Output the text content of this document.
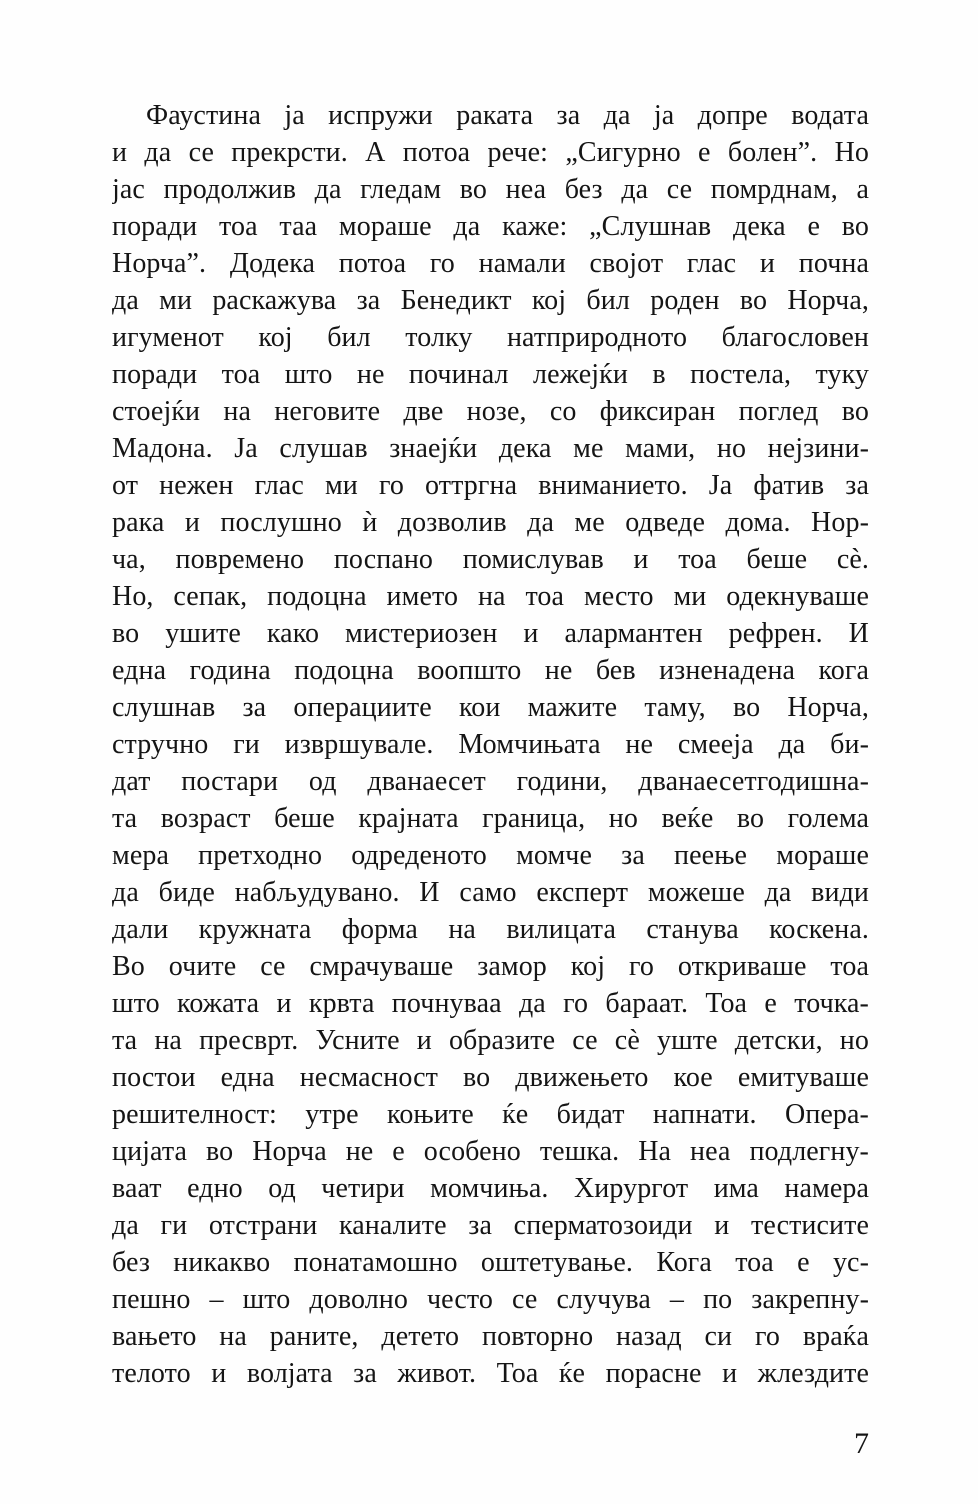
Фаустина ја испружи раката за да ја допре водата
и да се прекрсти. А потоа рече: „Сигурно е болен”. Но
јас продолжив да гледам во неа без да се помрднам, а
поради тоа таа мораше да каже: „Слушнав дека е во
Норча”. Додека потоа го намали својот глас и почна
да ми раскажува за Бенедикт кој бил роден во Норча,
игуменот кој бил толку натприродното благословен
поради тоа што не починал лежејќи в постела, туку
стоејќи на неговите две нозе, со фиксиран поглед во
Мадона. Ја слушав знаејќи дека ме мами, но нејзини-
от нежен глас ми го оттргна вниманието. Ја фатив за
рака и послушно ѝ дозволив да ме одведе дома. Нор-
ча, повремено поспано помислував и тоа беше сѐ.
Но, сепак, подоцна името на тоа место ми одекнуваше
во ушите како мистериозен и алармантен рефрен. И
една година подоцна воопшто не бев изненадена кога
слушнав за операциите кои мажите таму, во Норча,
стручно ги извршувале. Момчињата не смееја да би-
дат постари од дванаесет години, дванаесетгодишна-
та возраст беше крајната граница, но веќе во голема
мера претходно одреденото момче за пеење мораше
да биде набљудувано. И само експерт можеше да види
дали кружната форма на вилицата станува коскена.
Во очите се смрачуваше замор кој го откриваше тоа
што кожата и крвта почнуваа да го бараат. Тоа е точка-
та на пресврт. Усните и образите се сѐ уште детски, но
постои една несмасност во движењето кое емитуваше
решителност: утре коњите ќе бидат напнати. Опера-
цијата во Норча не е особено тешка. На неа подлегну-
ваат едно од четири момчиња. Хирургот има намера
да ги отстрани каналите за сперматозоиди и тестисите
без никакво понатамошно оштетување. Кога тоа е ус-
пешно – што доволно често се случува – по закрепну-
вањето на раните, детето повторно назад си го враќа
телото и волјата за живот. Тоа ќе порасне и жлездите
7
